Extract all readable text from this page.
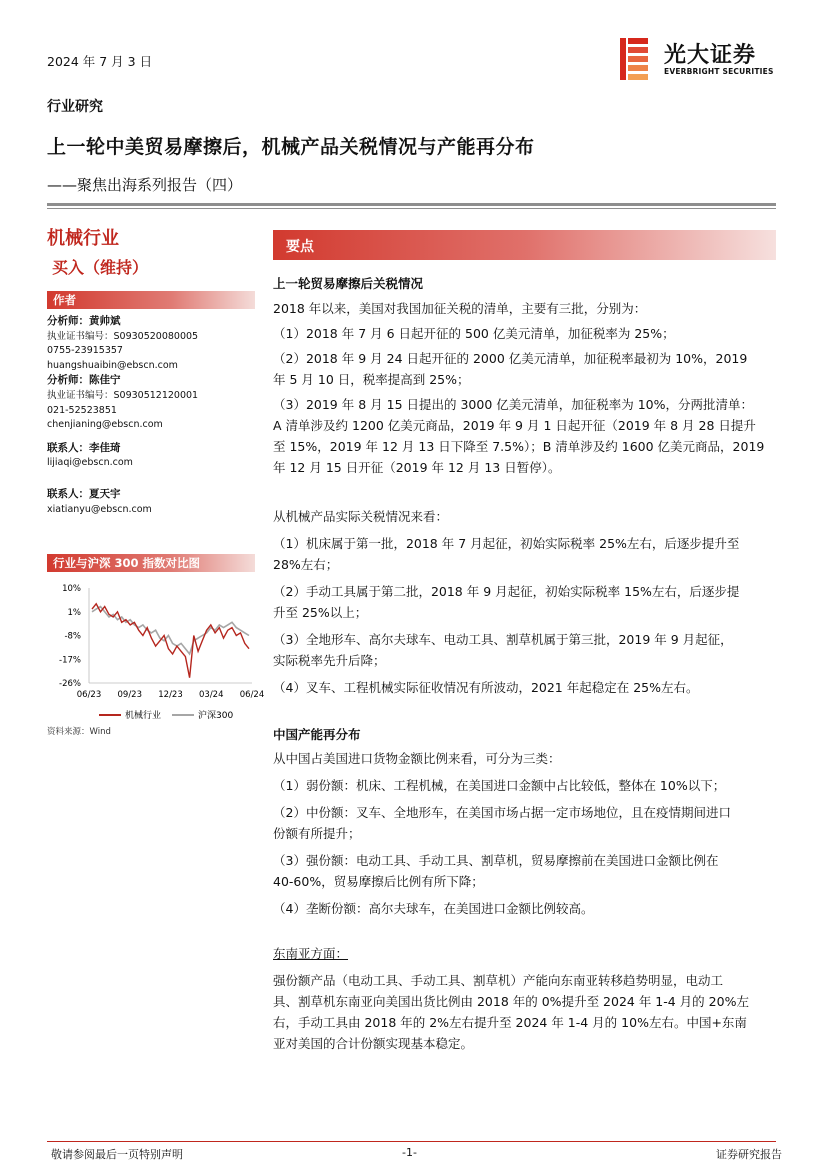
2024 年 7 月 3 日	光大证券
EVERBRIGHT SECURITIES
行业研究
上一轮中美贸易摩擦后，机械产品关税情况与产能再分布
——聚焦出海系列报告（四）
机械行业
买入（维持）
作者
分析师：黄帅斌
执业证书编号：S0930520080005
0755-23915357
huangshuaibin@ebscn.com
分析师：陈佳宁
执业证书编号：S0930512120001
021-52523851
chenjianing@ebscn.com
联系人：李佳琦
lijiaqi@ebscn.com
联系人：夏天宇
xiatianyu@ebscn.com
行业与沪深 300 指数对比图
10%
1%
-8%
-17%
-26%
06/23 09/23 12/23 03/24 06/24
机械行业	沪深300
资料来源：Wind
要点

上一轮贸易摩擦后关税情况

2018 年以来，美国对我国加征关税的清单，主要有三批，分别为：

（1）2018 年 7 月 6 日起开征的 500 亿美元清单，加征税率为 25%；

（2）2018 年 9 月 24 日起开征的 2000 亿美元清单，加征税率最初为 10%，2019

年 5 月 10 日，税率提高到 25%；

（3）2019 年 8 月 15 日提出的 3000 亿美元清单，加征税率为 10%，分两批清单：

A 清单涉及约 1200 亿美元商品，2019 年 9 月 1 日起开征（2019 年 8 月 28 日提升

至 15%，2019 年 12 月 13 日下降至 7.5%）；B 清单涉及约 1600 亿美元商品，2019

年 12 月 15 日开征（2019 年 12 月 13 日暂停）。

从机械产品实际关税情况来看：

（1）机床属于第一批，2018 年 7 月起征，初始实际税率 25%左右，后逐步提升至

28%左右；

（2）手动工具属于第二批，2018 年 9 月起征，初始实际税率 15%左右，后逐步提

升至 25%以上；

（3）全地形车、高尔夫球车、电动工具、割草机属于第三批，2019 年 9 月起征，

实际税率先升后降；

（4）叉车、工程机械实际征收情况有所波动，2021 年起稳定在 25%左右。

中国产能再分布

从中国占美国进口货物金额比例来看，可分为三类：

（1）弱份额：机床、工程机械，在美国进口金额中占比较低，整体在 10%以下；

（2）中份额：叉车、全地形车，在美国市场占据一定市场地位，且在疫情期间进口

份额有所提升；

（3）强份额：电动工具、手动工具、割草机，贸易摩擦前在美国进口金额比例在

40-60%，贸易摩擦后比例有所下降；

（4）垄断份额：高尔夫球车，在美国进口金额比例较高。

东南亚方面：

强份额产品（电动工具、手动工具、割草机）产能向东南亚转移趋势明显，电动工

具、割草机东南亚向美国出货比例由 2018 年的 0%提升至 2024 年 1-4 月的 20%左

右，手动工具由 2018 年的 2%左右提升至 2024 年 1-4 月的 10%左右。中国+东南

亚对美国的合计份额实现基本稳定。

敬请参阅最后一页特别声明	-1-	证券研究报告
